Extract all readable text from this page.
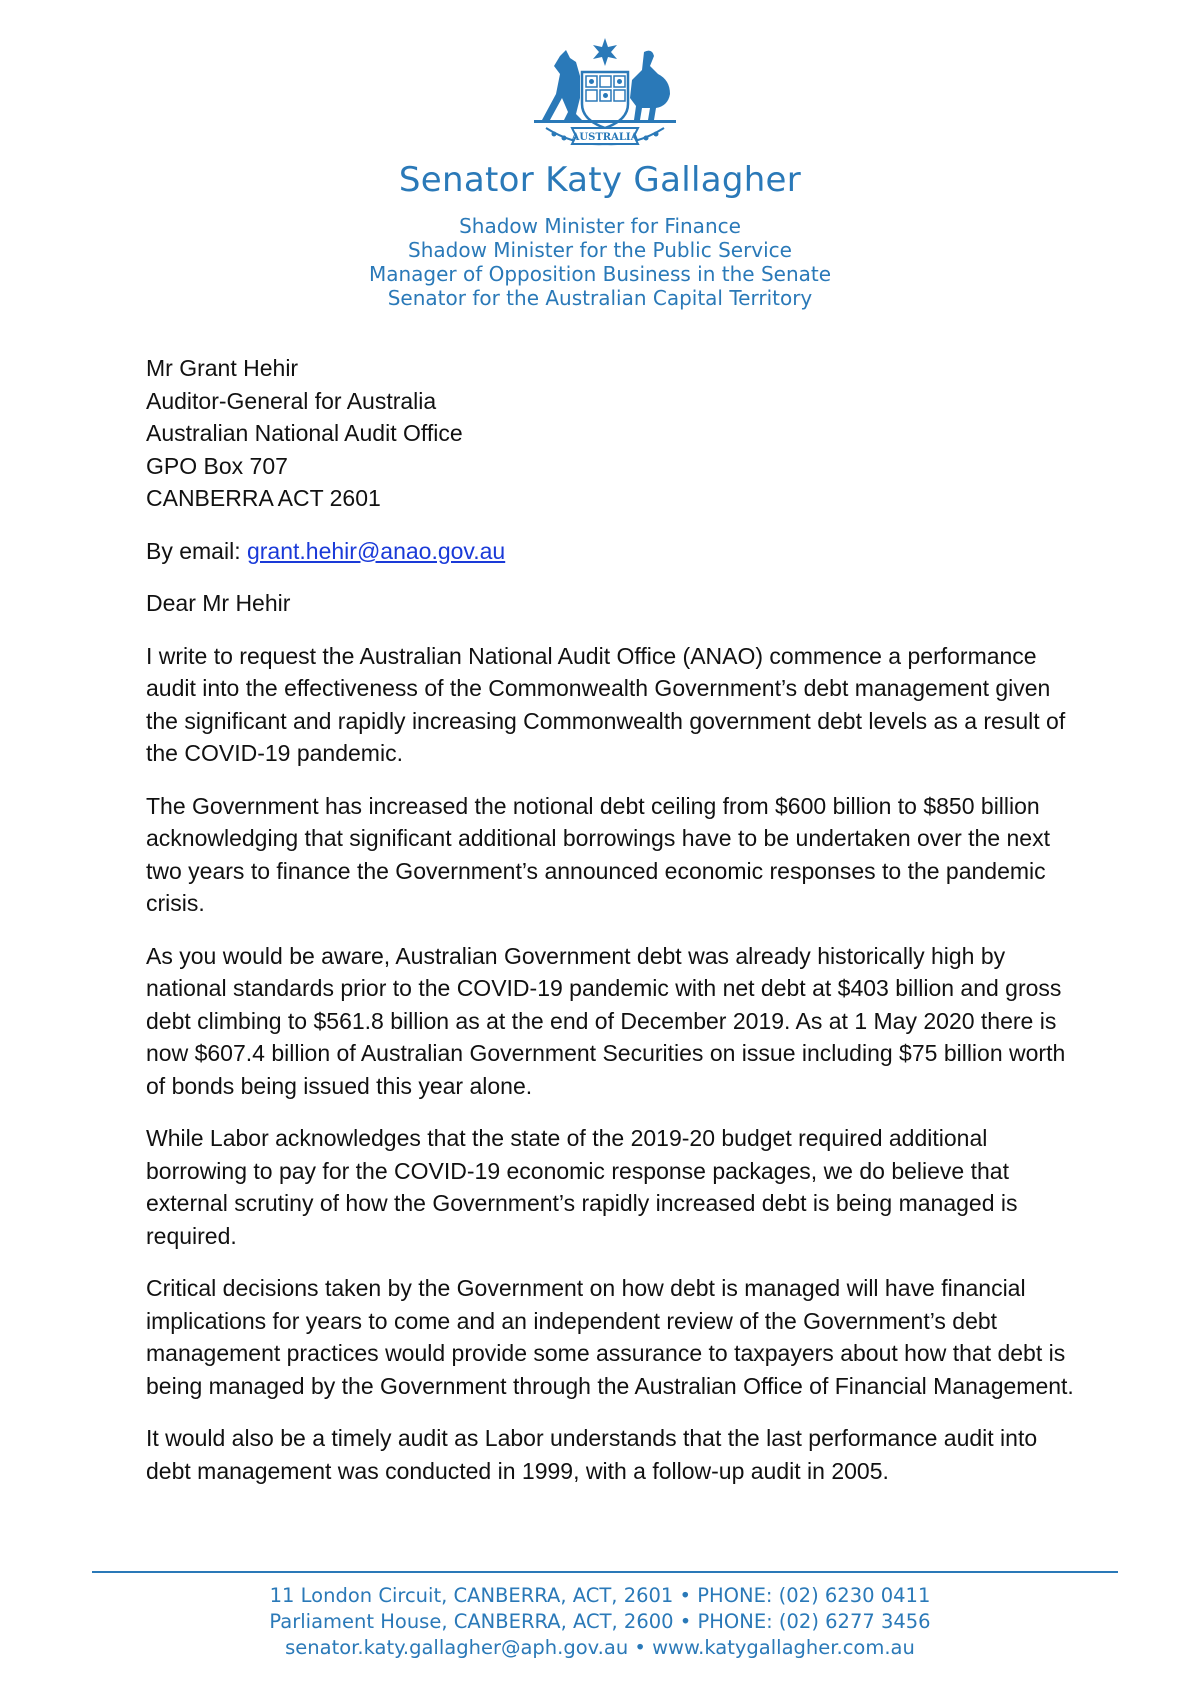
AUSTRALIA
Senator Katy Gallagher
Shadow Minister for Finance
Shadow Minister for the Public Service
Manager of Opposition Business in the Senate
Senator for the Australian Capital Territory
Mr Grant Hehir
Auditor-General for Australia
Australian National Audit Office
GPO Box 707
CANBERRA ACT 2601

By email: grant.hehir@anao.gov.au

Dear Mr Hehir

I write to request the Australian National Audit Office (ANAO) commence a performance audit into the effectiveness of the Commonwealth Government’s debt management given the significant and rapidly increasing Commonwealth government debt levels as a result of the COVID-19 pandemic.

The Government has increased the notional debt ceiling from $600 billion to $850 billion acknowledging that significant additional borrowings have to be undertaken over the next two years to finance the Government’s announced economic responses to the pandemic crisis.

As you would be aware, Australian Government debt was already historically high by national standards prior to the COVID-19 pandemic with net debt at $403 billion and gross debt climbing to $561.8 billion as at the end of December 2019. As at 1 May 2020 there is now $607.4 billion of Australian Government Securities on issue including $75 billion worth of bonds being issued this year alone.

While Labor acknowledges that the state of the 2019-20 budget required additional borrowing to pay for the COVID-19 economic response packages, we do believe that external scrutiny of how the Government’s rapidly increased debt is being managed is required.

Critical decisions taken by the Government on how debt is managed will have financial implications for years to come and an independent review of the Government’s debt management practices would provide some assurance to taxpayers about how that debt is being managed by the Government through the Australian Office of Financial Management.

It would also be a timely audit as Labor understands that the last performance audit into debt management was conducted in 1999, with a follow-up audit in 2005.

11 London Circuit, CANBERRA, ACT, 2601 • PHONE: (02) 6230 0411
Parliament House, CANBERRA, ACT, 2600 • PHONE: (02) 6277 3456
senator.katy.gallagher@aph.gov.au • www.katygallagher.com.au
